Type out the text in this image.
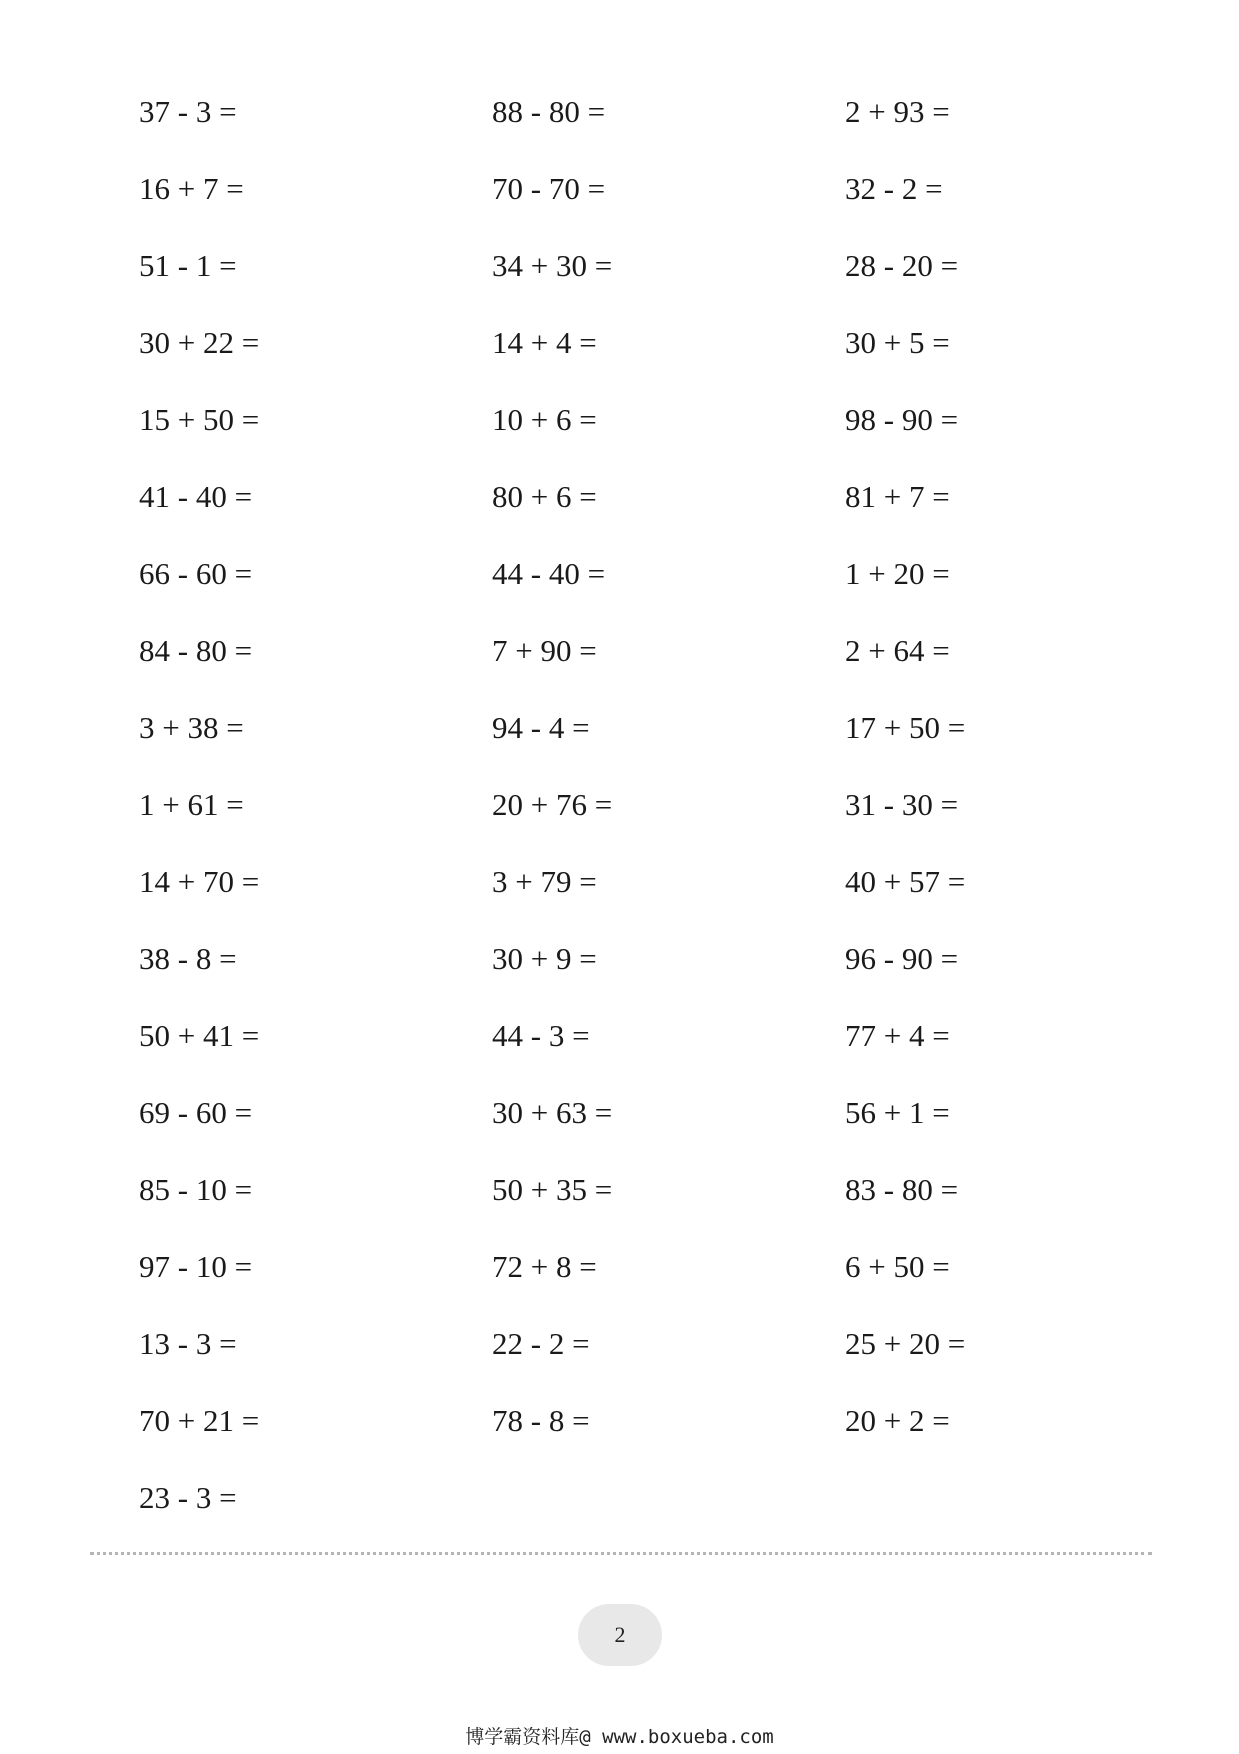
37 - 3 =
16 + 7 =
51 - 1 =
30 + 22 =
15 + 50 =
41 - 40 =
66 - 60 =
84 - 80 =
3 + 38 =
1 + 61 =
14 + 70 =
38 - 8 =
50 + 41 =
69 - 60 =
85 - 10 =
97 - 10 =
13 - 3 =
70 + 21 =
23 - 3 =
88 - 80 =
70 - 70 =
34 + 30 =
14 + 4 =
10 + 6 =
80 + 6 =
44 - 40 =
7 + 90 =
94 - 4 =
20 + 76 =
3 + 79 =
30 + 9 =
44 - 3 =
30 + 63 =
50 + 35 =
72 + 8 =
22 - 2 =
78 - 8 =
2 + 93 =
32 - 2 =
28 - 20 =
30 + 5 =
98 - 90 =
81 + 7 =
1 + 20 =
2 + 64 =
17 + 50 =
31 - 30 =
40 + 57 =
96 - 90 =
77 + 4 =
56 + 1 =
83 - 80 =
6 + 50 =
25 + 20 =
20 + 2 =
2
博学霸资料库@ www.boxueba.com
